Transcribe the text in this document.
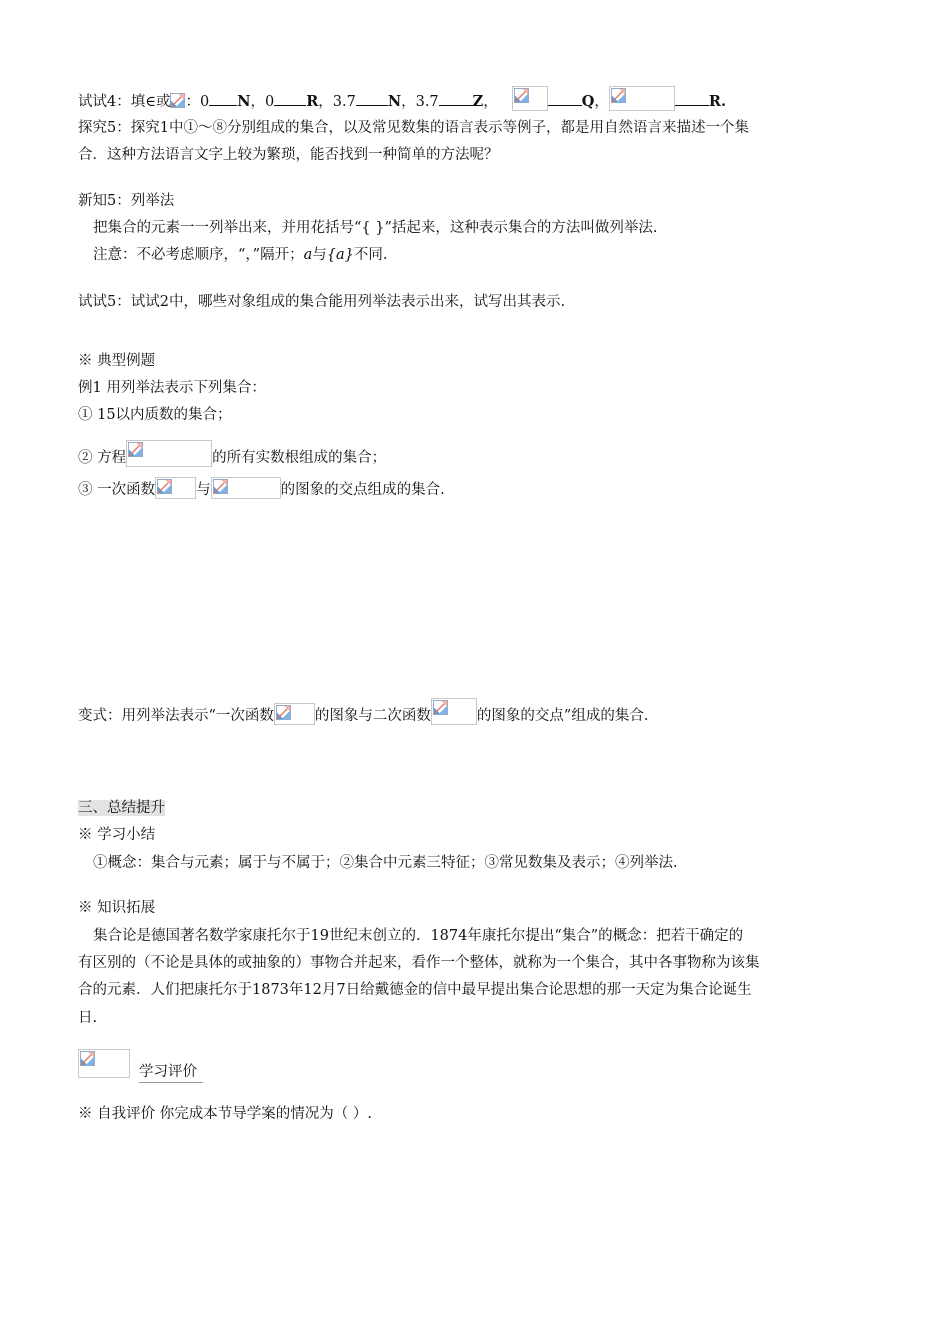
试试4：填∈或 ：0 N，0 R，3.7 N，3.7 Z，	Q，	R.
探究5：探究1中①～⑧分别组成的集合，以及常见数集的语言表示等例子，都是用自然语言来描述一个集
合．这种方法语言文字上较为繁琐，能否找到一种简单的方法呢？
新知5：列举法
把集合的元素一一列举出来，并用花括号“{ }”括起来，这种表示集合的方法叫做列举法.
注意：不必考虑顺序，“，”隔开；a与{a}不同.
试试5：试试2中，哪些对象组成的集合能用列举法表示出来，试写出其表示.
※ 典型例题
例1 用列举法表示下列集合：
① 15以内质数的集合；
② 方程	的所有实数根组成的集合；
③ 一次函数	与	的图象的交点组成的集合.
变式：用列举法表示“一次函数	的图象与二次函数	的图象的交点”组成的集合.
三、总结提升
※ 学习小结
①概念：集合与元素；属于与不属于；②集合中元素三特征；③常见数集及表示；④列举法.
※ 知识拓展
集合论是德国著名数学家康托尔于19世纪末创立的．1874年康托尔提出“集合”的概念：把若干确定的
有区别的（不论是具体的或抽象的）事物合并起来，看作一个整体，就称为一个集合，其中各事物称为该集
合的元素．人们把康托尔于1873年12月7日给戴德金的信中最早提出集合论思想的那一天定为集合论诞生
日.
学习评价
※ 自我评价 你完成本节导学案的情况为（ ）.
